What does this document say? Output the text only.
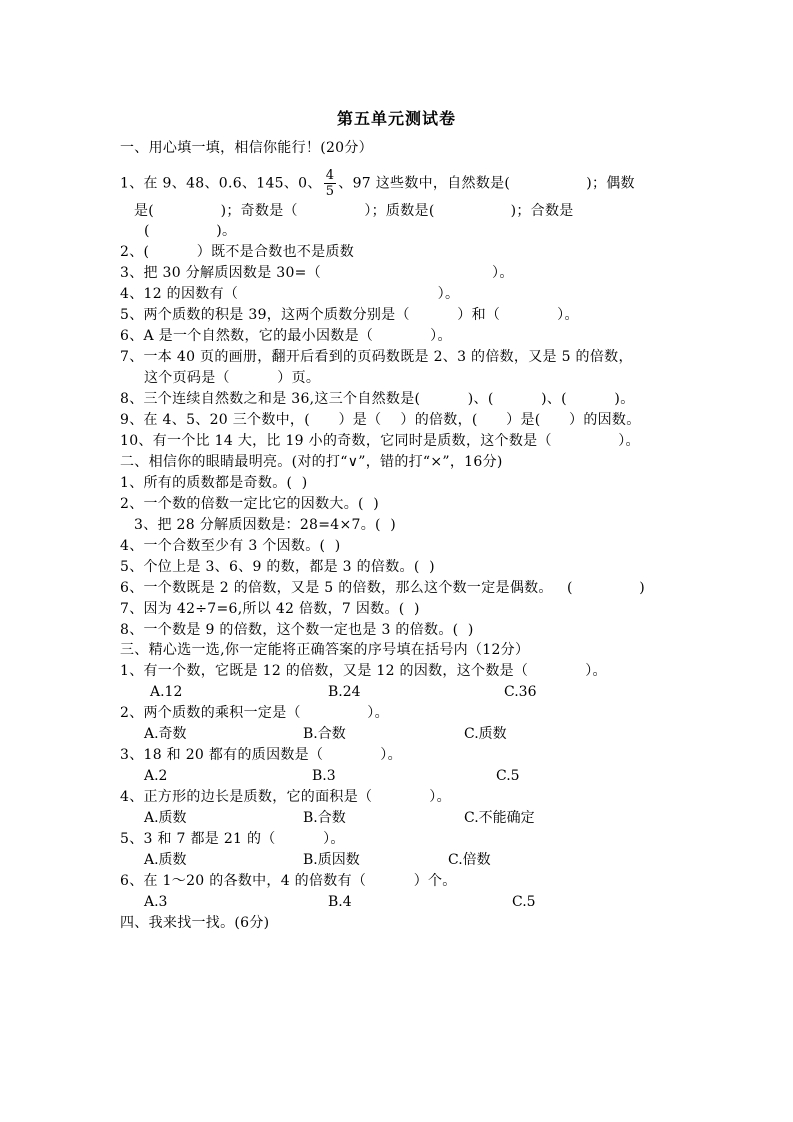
第五单元测试卷
一、用心填一填，相信你能行！(20分）
1、在 9、48、0.6、145、0、 $\frac{4}{5}$ 、97 这些数中，自然数是(                )；偶数
是(              )；奇数是（              ）；质数是(                )；合数是
(              )。
2、(          ）既不是合数也不是质数
3、把 30 分解质因数是 30=（                                    ）。
4、12 的因数有（                                          ）。
5、两个质数的积是 39，这两个质数分别是（          ）和（            ）。
6、A 是一个自然数，它的最小因数是（            ）。
7、一本 40 页的画册，翻开后看到的页码数既是 2、3 的倍数，又是 5 的倍数，
这个页码是（          ）页。
8、三个连续自然数之和是 36,这三个自然数是(          )、(          )、(          )。
9、在 4、5、20 三个数中，(      ）是（    ）的倍数，(      ）是(      ）的因数。
10、有一个比 14 大，比 19 小的奇数，它同时是质数，这个数是（              ）。
二、相信你的眼睛最明亮。(对的打“∨”，错的打“×”，16分)
1、所有的质数都是奇数。(  )
2、一个数的倍数一定比它的因数大。(  )
3、把 28 分解质因数是：28=4×7。(  )
4、一个合数至少有 3 个因数。(  )
5、个位上是 3、6、9 的数，都是 3 的倍数。(  )
6、一个数既是 2 的倍数，又是 5 的倍数，那么这个数一定是偶数。   (              )
7、因为 42÷7=6,所以 42 倍数，7 因数。(  )
8、一个数是 9 的倍数，这个数一定也是 3 的倍数。(  )
三、精心选一选,你一定能将正确答案的序号填在括号内（12分）
1、有一个数，它既是 12 的倍数，又是 12 的因数，这个数是（            ）。
A.12	B.24	C.36
2、两个质数的乘积一定是（              ）。
A.奇数	B.合数	C.质数
3、18 和 20 都有的质因数是（            ）。
A.2	B.3	C.5
4、正方形的边长是质数，它的面积是（            ）。
A.质数	B.合数	C.不能确定
5、3 和 7 都是 21 的（          ）。
A.质数	B.质因数	C.倍数
6、在 1～20 的各数中，4 的倍数有（          ）个。
A.3	B.4	C.5
四、我来找一找。(6分)
